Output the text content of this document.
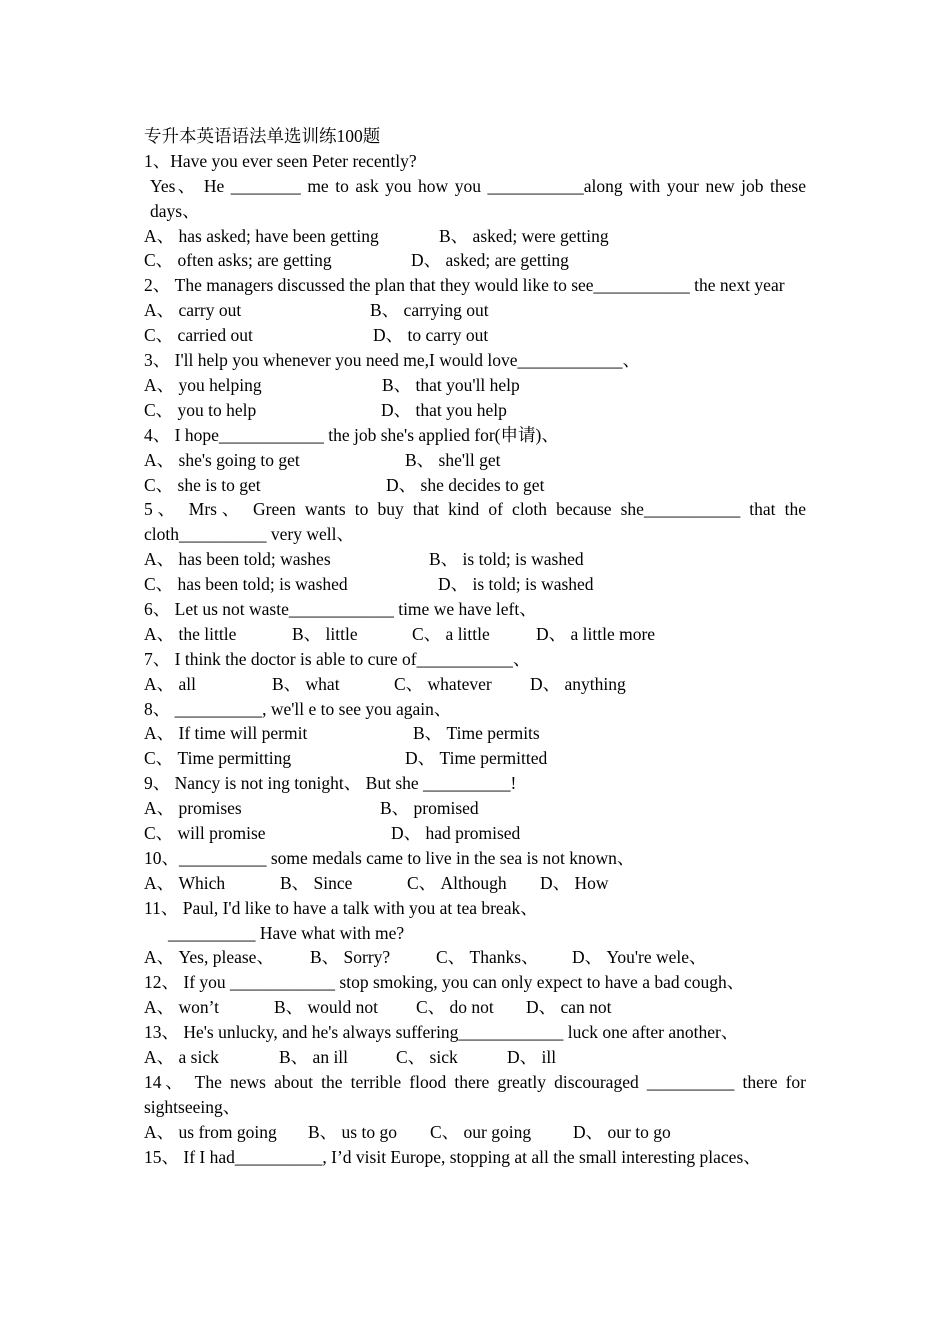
专升本英语语法单选训练100题
1、Have you ever seen Peter recently?
Yes、 He ________ me to ask you how you ___________along with your new job these days、
A、 has asked; have been getting	B、 asked; were getting
C、 often asks; are getting	D、 asked; are getting
2、 The managers discussed the plan that they would like to see___________ the next year
A、 carry out	B、 carrying out
C、 carried out	D、 to carry out
3、 I'll help you whenever you need me,I would love____________、
A、 you helping	B、 that you'll help
C、 you to help	D、 that you help
4、 I hope____________ the job she's applied for(申请)、
A、 she's going to get	B、 she'll get
C、 she is to get	D、 she decides to get
5、 Mrs、 Green wants to buy that kind of cloth because she___________ that the cloth__________ very well、
A、 has been told; washes	B、 is told; is washed
C、 has been told; is washed	D、 is told; is washed
6、 Let us not waste____________ time we have left、
A、 the little	B、 little	C、 a little	D、 a little more
7、 I think the doctor is able to cure of___________、
A、 all	B、 what	C、 whatever D、 anything
8、 __________, we'll e to see you again、
A、 If time will permit	B、 Time permits
C、 Time permitting	D、 Time permitted
9、 Nancy is not ing tonight、 But she __________!
A、 promises	B、 promised
C、 will promise	D、 had promised
10、__________ some medals came to live in the sea is not known、
A、 Which	B、 Since	C、 Although D、 How
11、 Paul, I'd like to have a talk with you at tea break、
__________ Have what with me?
A、 Yes, please、 B、 Sorry?	C、 Thanks、 D、 You're wele、
12、 If you ____________ stop smoking, you can only expect to have a bad cough、
A、 won’t	B、 would not C、 do not D、 can not
13、 He's unlucky, and he's always suffering____________ luck one after another、
A、 a sick	B、 an ill	C、 sick	D、 ill
14、 The news about the terrible flood there greatly discouraged __________ there for sightseeing、
A、 us from going B、 us to go C、 our going D、 our to go
15、 If I had__________, I’d visit Europe, stopping at all the small interesting places、
